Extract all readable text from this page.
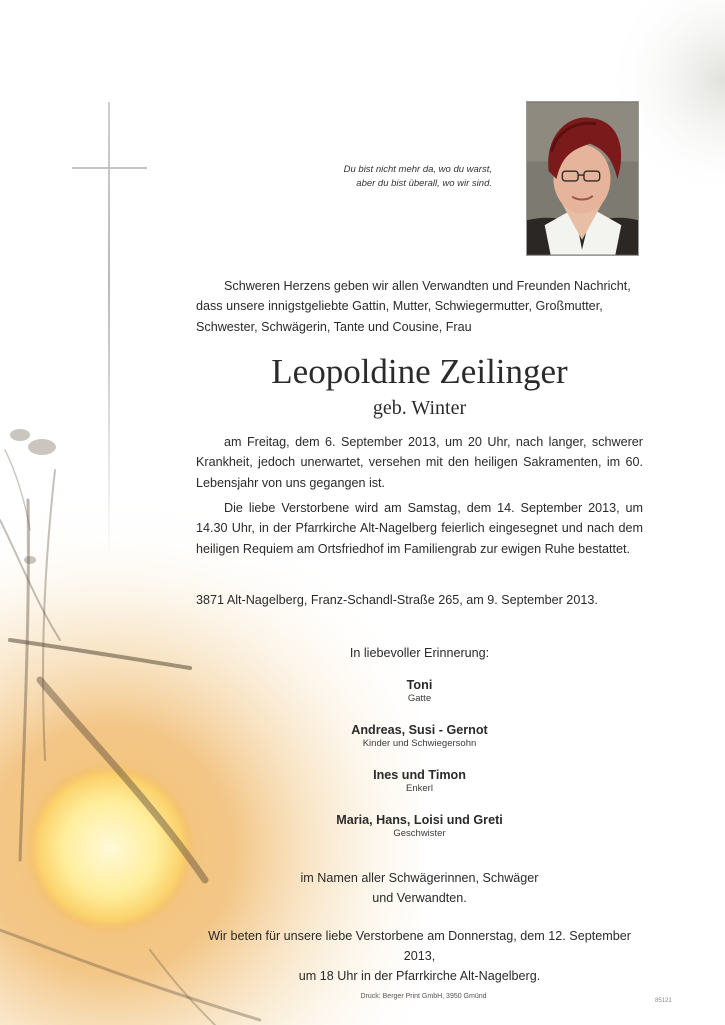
Du bist nicht mehr da, wo du warst,
aber du bist überall, wo wir sind.
Schweren Herzens geben wir allen Verwandten und Freunden Nachricht,
dass unsere innigstgeliebte Gattin, Mutter, Schwiegermutter, Großmutter,
Schwester, Schwägerin, Tante und Cousine, Frau
Leopoldine Zeilinger
geb. Winter
am Freitag, dem 6. September 2013, um 20 Uhr, nach langer, schwerer Krankheit, jedoch unerwartet, versehen mit den heiligen Sakramenten, im 60. Lebensjahr von uns gegangen ist.
Die liebe Verstorbene wird am Samstag, dem 14. September 2013, um 14.30 Uhr, in der Pfarrkirche Alt-Nagelberg feierlich eingesegnet und nach dem heiligen Requiem am Ortsfriedhof im Familiengrab zur ewigen Ruhe bestattet.
3871 Alt-Nagelberg, Franz-Schandl-Straße 265, am 9. September 2013.
In liebevoller Erinnerung:
Toni
Gatte
Andreas, Susi - Gernot
Kinder und Schwiegersohn
Ines und Timon
Enkerl
Maria, Hans, Loisi und Greti
Geschwister
im Namen aller Schwägerinnen, Schwäger
und Verwandten.
Wir beten für unsere liebe Verstorbene am Donnerstag, dem 12. September 2013,
um 18 Uhr in der Pfarrkirche Alt-Nagelberg.
Druck: Berger Print GmbH, 3950 Gmünd
85121
